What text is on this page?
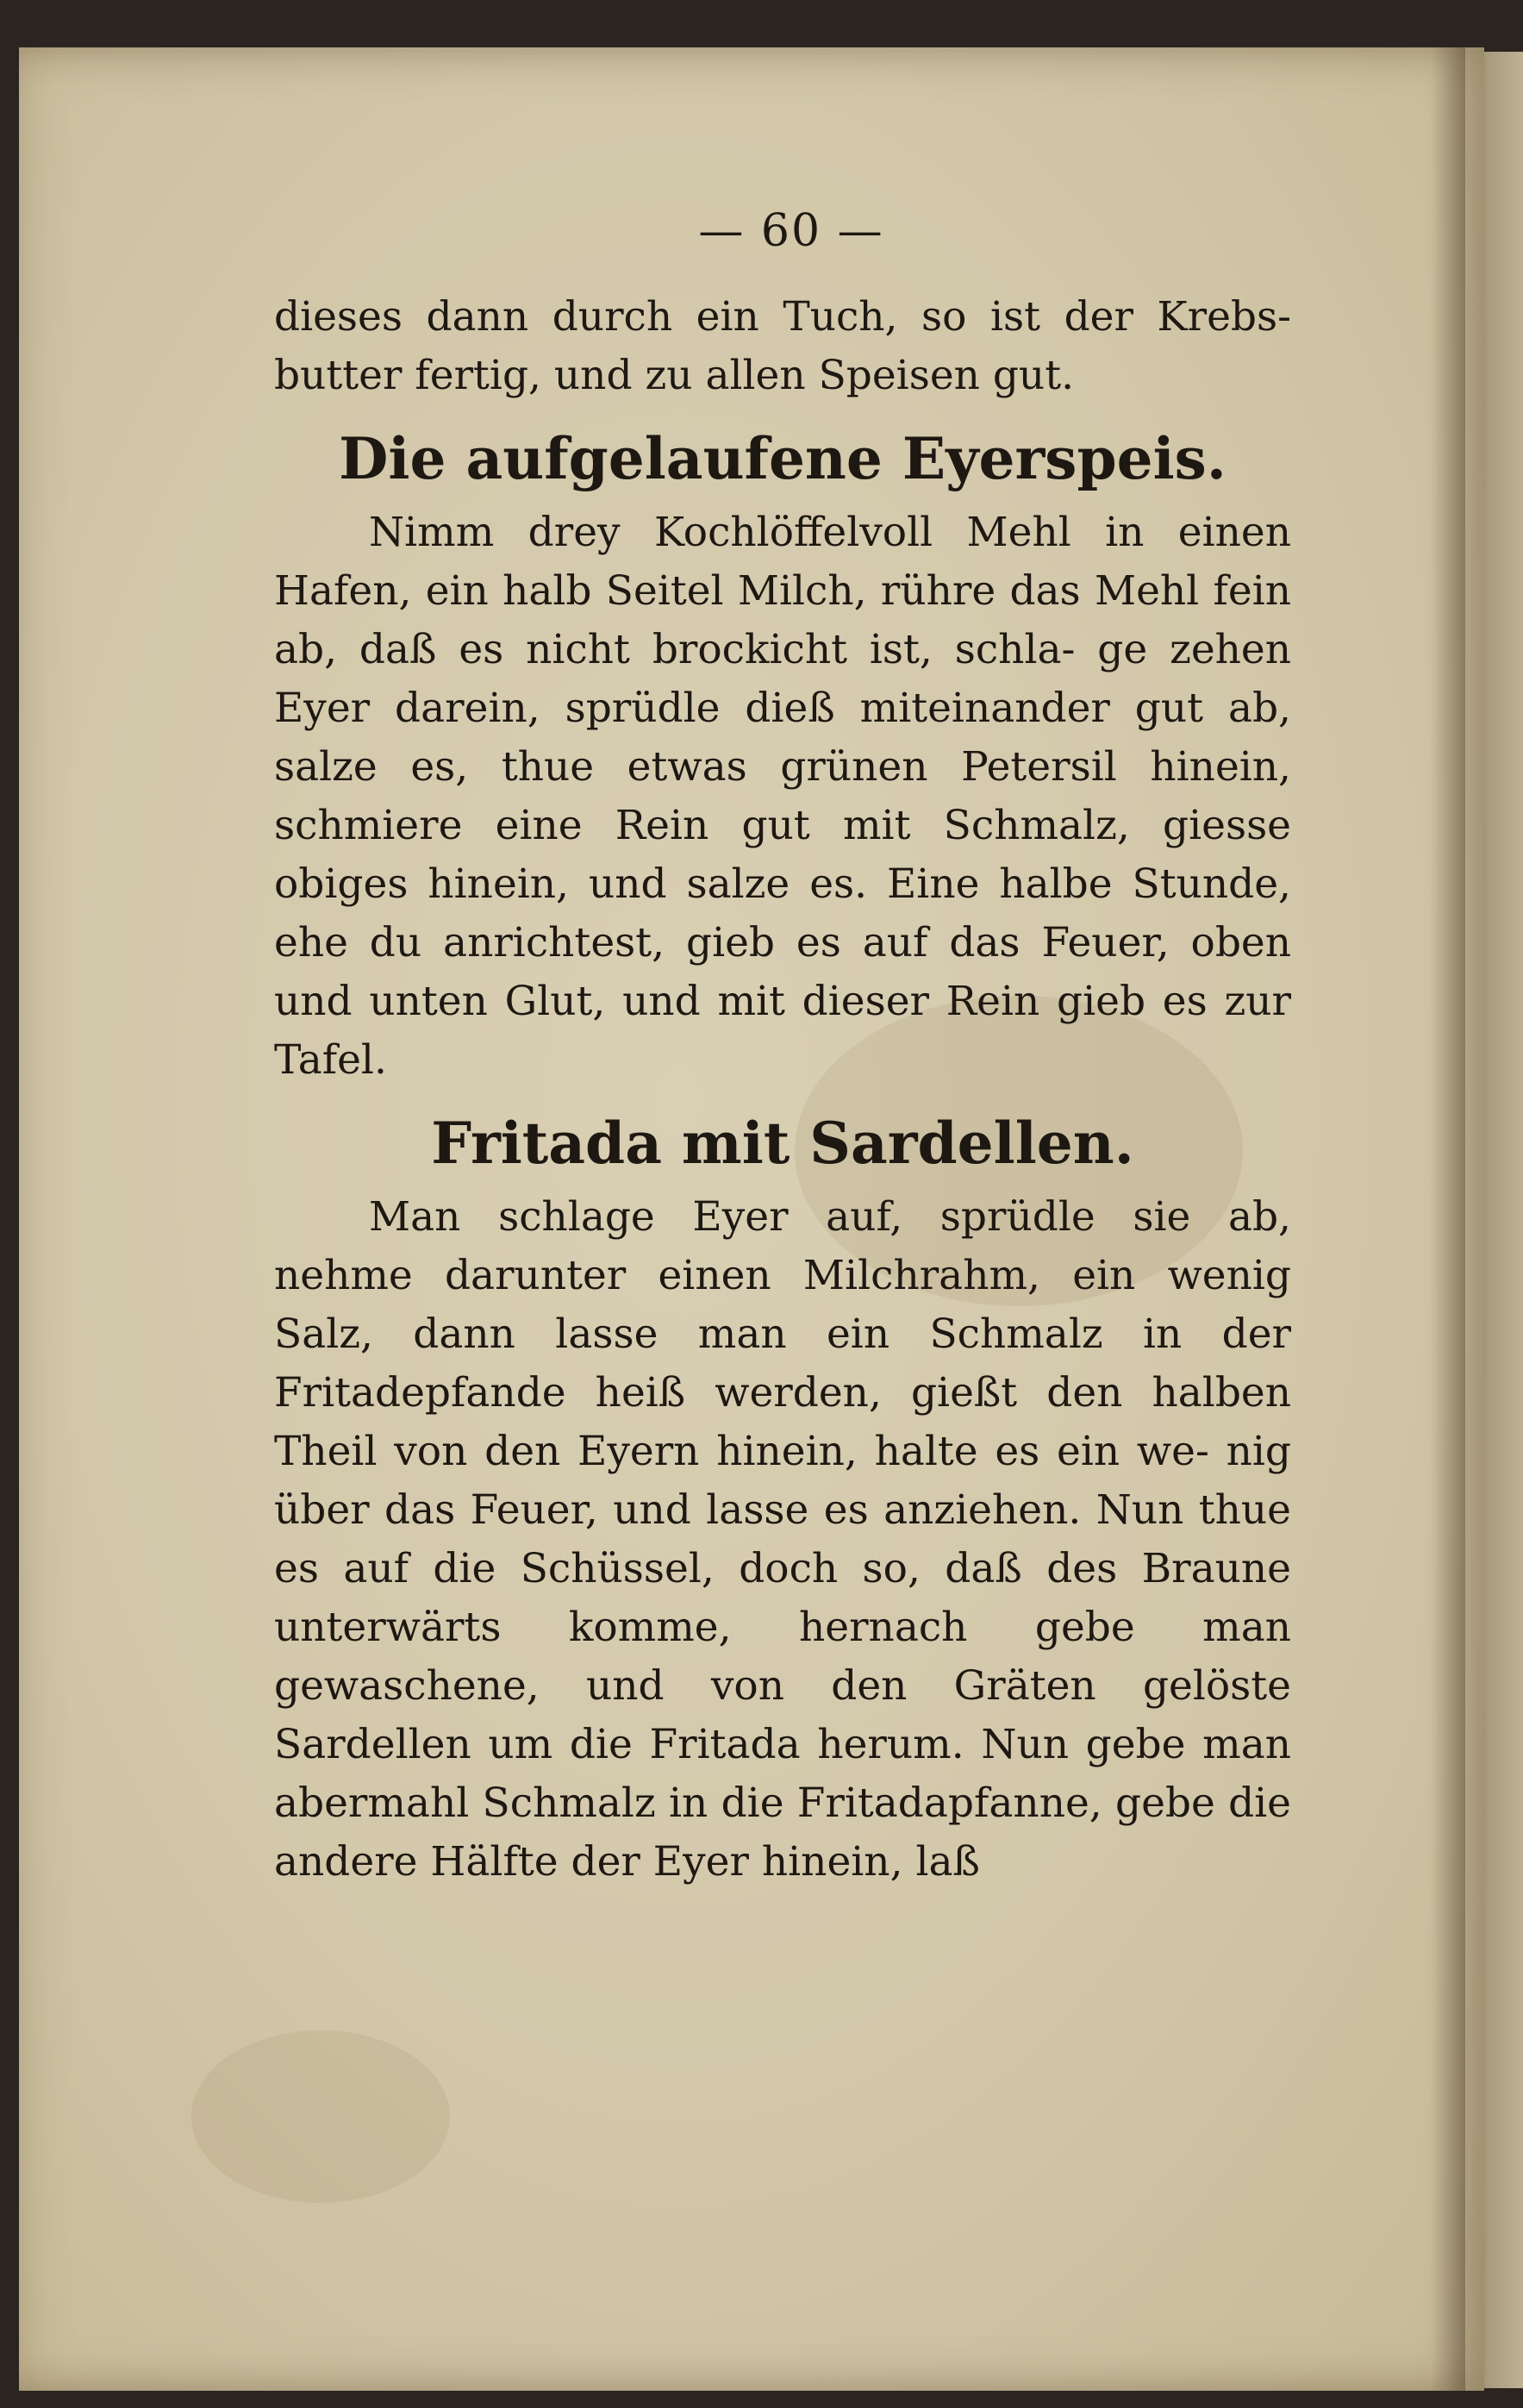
— 60 —

dieses dann durch ein Tuch, so ist der Krebs- butter fertig, und zu allen Speisen gut.

Die aufgelaufene Eyerspeis.

Nimm drey Kochlöffelvoll Mehl in einen Hafen, ein halb Seitel Milch, rühre das Mehl fein ab, daß es nicht brockicht ist, schla- ge zehen Eyer darein, sprüdle dieß miteinander gut ab, salze es, thue etwas grünen Petersil hinein, schmiere eine Rein gut mit Schmalz, giesse obiges hinein, und salze es. Eine halbe Stunde, ehe du anrichtest, gieb es auf das Feuer, oben und unten Glut, und mit dieser Rein gieb es zur Tafel.

Fritada mit Sardellen.

Man schlage Eyer auf, sprüdle sie ab, nehme darunter einen Milchrahm, ein wenig Salz, dann lasse man ein Schmalz in der Fritadepfande heiß werden, gießt den halben Theil von den Eyern hinein, halte es ein we- nig über das Feuer, und lasse es anziehen. Nun thue es auf die Schüssel, doch so, daß des Braune unterwärts komme, hernach gebe man gewaschene, und von den Gräten gelöste Sardellen um die Fritada herum. Nun gebe man abermahl Schmalz in die Fritadapfanne, gebe die andere Hälfte der Eyer hinein, laß
